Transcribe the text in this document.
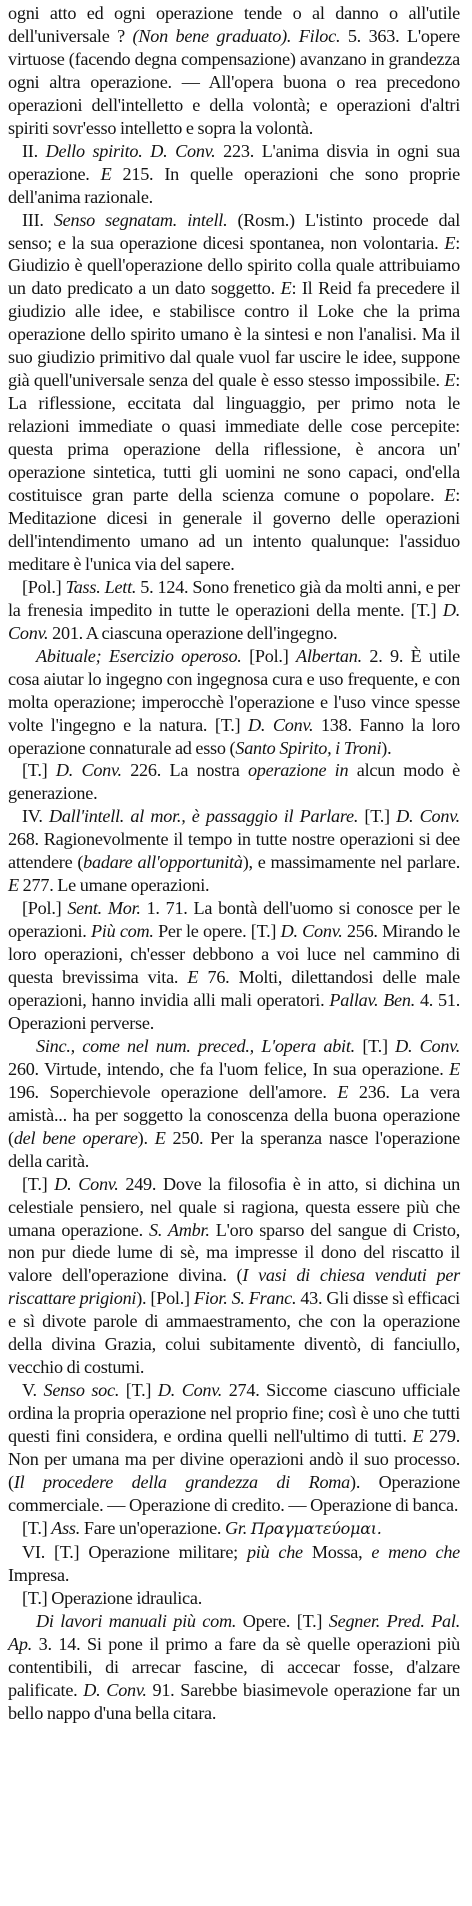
ogni atto ed ogni operazione tende o al danno o all'utile dell'universale ? (Non bene graduato). Filoc. 5. 363. L'opere virtuose (facendo degna compensazione) avanzano in grandezza ogni altra operazione. — All'opera buona o rea precedono operazioni dell'intelletto e della volontà; e operazioni d'altri spiriti sovr'esso intelletto e sopra la volontà.

II. Dello spirito. D. Conv. 223. L'anima disvia in ogni sua operazione. E 215. In quelle operazioni che sono proprie dell'anima razionale.

III. Senso segnatam. intell. (Rosm.) L'istinto procede dal senso; e la sua operazione dicesi spontanea, non volontaria. E: Giudizio è quell'operazione dello spirito colla quale attribuiamo un dato predicato a un dato soggetto. E: Il Reid fa precedere il giudizio alle idee, e stabilisce contro il Loke che la prima operazione dello spirito umano è la sintesi e non l'analisi. Ma il suo giudizio primitivo dal quale vuol far uscire le idee, suppone già quell'universale senza del quale è esso stesso impossibile. E: La riflessione, eccitata dal linguaggio, per primo nota le relazioni immediate o quasi immediate delle cose percepite: questa prima operazione della riflessione, è ancora un' operazione sintetica, tutti gli uomini ne sono capaci, ond'ella costituisce gran parte della scienza comune o popolare. E: Meditazione dicesi in generale il governo delle operazioni dell'intendimento umano ad un intento qualunque: l'assiduo meditare è l'unica via del sapere.

[Pol.] Tass. Lett. 5. 124. Sono frenetico già da molti anni, e per la frenesia impedito in tutte le operazioni della mente. [T.] D. Conv. 201. A ciascuna operazione dell'ingegno.

Abituale; Esercizio operoso. [Pol.] Albertan. 2. 9. È utile cosa aiutar lo ingegno con ingegnosa cura e uso frequente, e con molta operazione; imperocchè l'operazione e l'uso vince spesse volte l'ingegno e la natura. [T.] D. Conv. 138. Fanno la loro operazione connaturale ad esso (Santo Spirito, i Troni).

[T.] D. Conv. 226. La nostra operazione in alcun modo è generazione.

IV. Dall'intell. al mor., è passaggio il Parlare. [T.] D. Conv. 268. Ragionevolmente il tempo in tutte nostre operazioni si dee attendere (badare all'opportunità), e massimamente nel parlare. E 277. Le umane operazioni.

[Pol.] Sent. Mor. 1. 71. La bontà dell'uomo si conosce per le operazioni. Più com. Per le opere. [T.] D. Conv. 256. Mirando le loro operazioni, ch'esser debbono a voi luce nel cammino di questa brevissima vita. E 76. Molti, dilettandosi delle male operazioni, hanno invidia alli mali operatori. Pallav. Ben. 4. 51. Operazioni perverse.

Sinc., come nel num. preced., L'opera abit. [T.] D. Conv. 260. Virtude, intendo, che fa l'uom felice, In sua operazione. E 196. Soperchievole operazione dell'amore. E 236. La vera amistà... ha per soggetto la conoscenza della buona operazione (del bene operare). E 250. Per la speranza nasce l'operazione della carità.

[T.] D. Conv. 249. Dove la filosofia è in atto, si dichina un celestiale pensiero, nel quale si ragiona, questa essere più che umana operazione. S. Ambr. L'oro sparso del sangue di Cristo, non pur diede lume di sè, ma impresse il dono del riscatto il valore dell'operazione divina. (I vasi di chiesa venduti per riscattare prigioni). [Pol.] Fior. S. Franc. 43. Gli disse sì efficaci e sì divote parole di ammaestramento, che con la operazione della divina Grazia, colui subitamente diventò, di fanciullo, vecchio di costumi.

V. Senso soc. [T.] D. Conv. 274. Siccome ciascuno ufficiale ordina la propria operazione nel proprio fine; così è uno che tutti questi fini considera, e ordina quelli nell'ultimo di tutti. E 279. Non per umana ma per divine operazioni andò il suo processo. (Il procedere della grandezza di Roma). Operazione commerciale. — Operazione di credito. — Operazione di banca.

[T.] Ass. Fare un'operazione. Gr. Πραγματεύομαι.

VI. [T.] Operazione militare; più che Mossa, e meno che Impresa.

[T.] Operazione idraulica.

Di lavori manuali più com. Opere. [T.] Segner. Pred. Pal. Ap. 3. 14. Si pone il primo a fare da sè quelle operazioni più contentibili, di arrecar fascine, di accecar fosse, d'alzare palificate. D. Conv. 91. Sarebbe biasimevole operazione far un bello nappo d'una bella citara.
